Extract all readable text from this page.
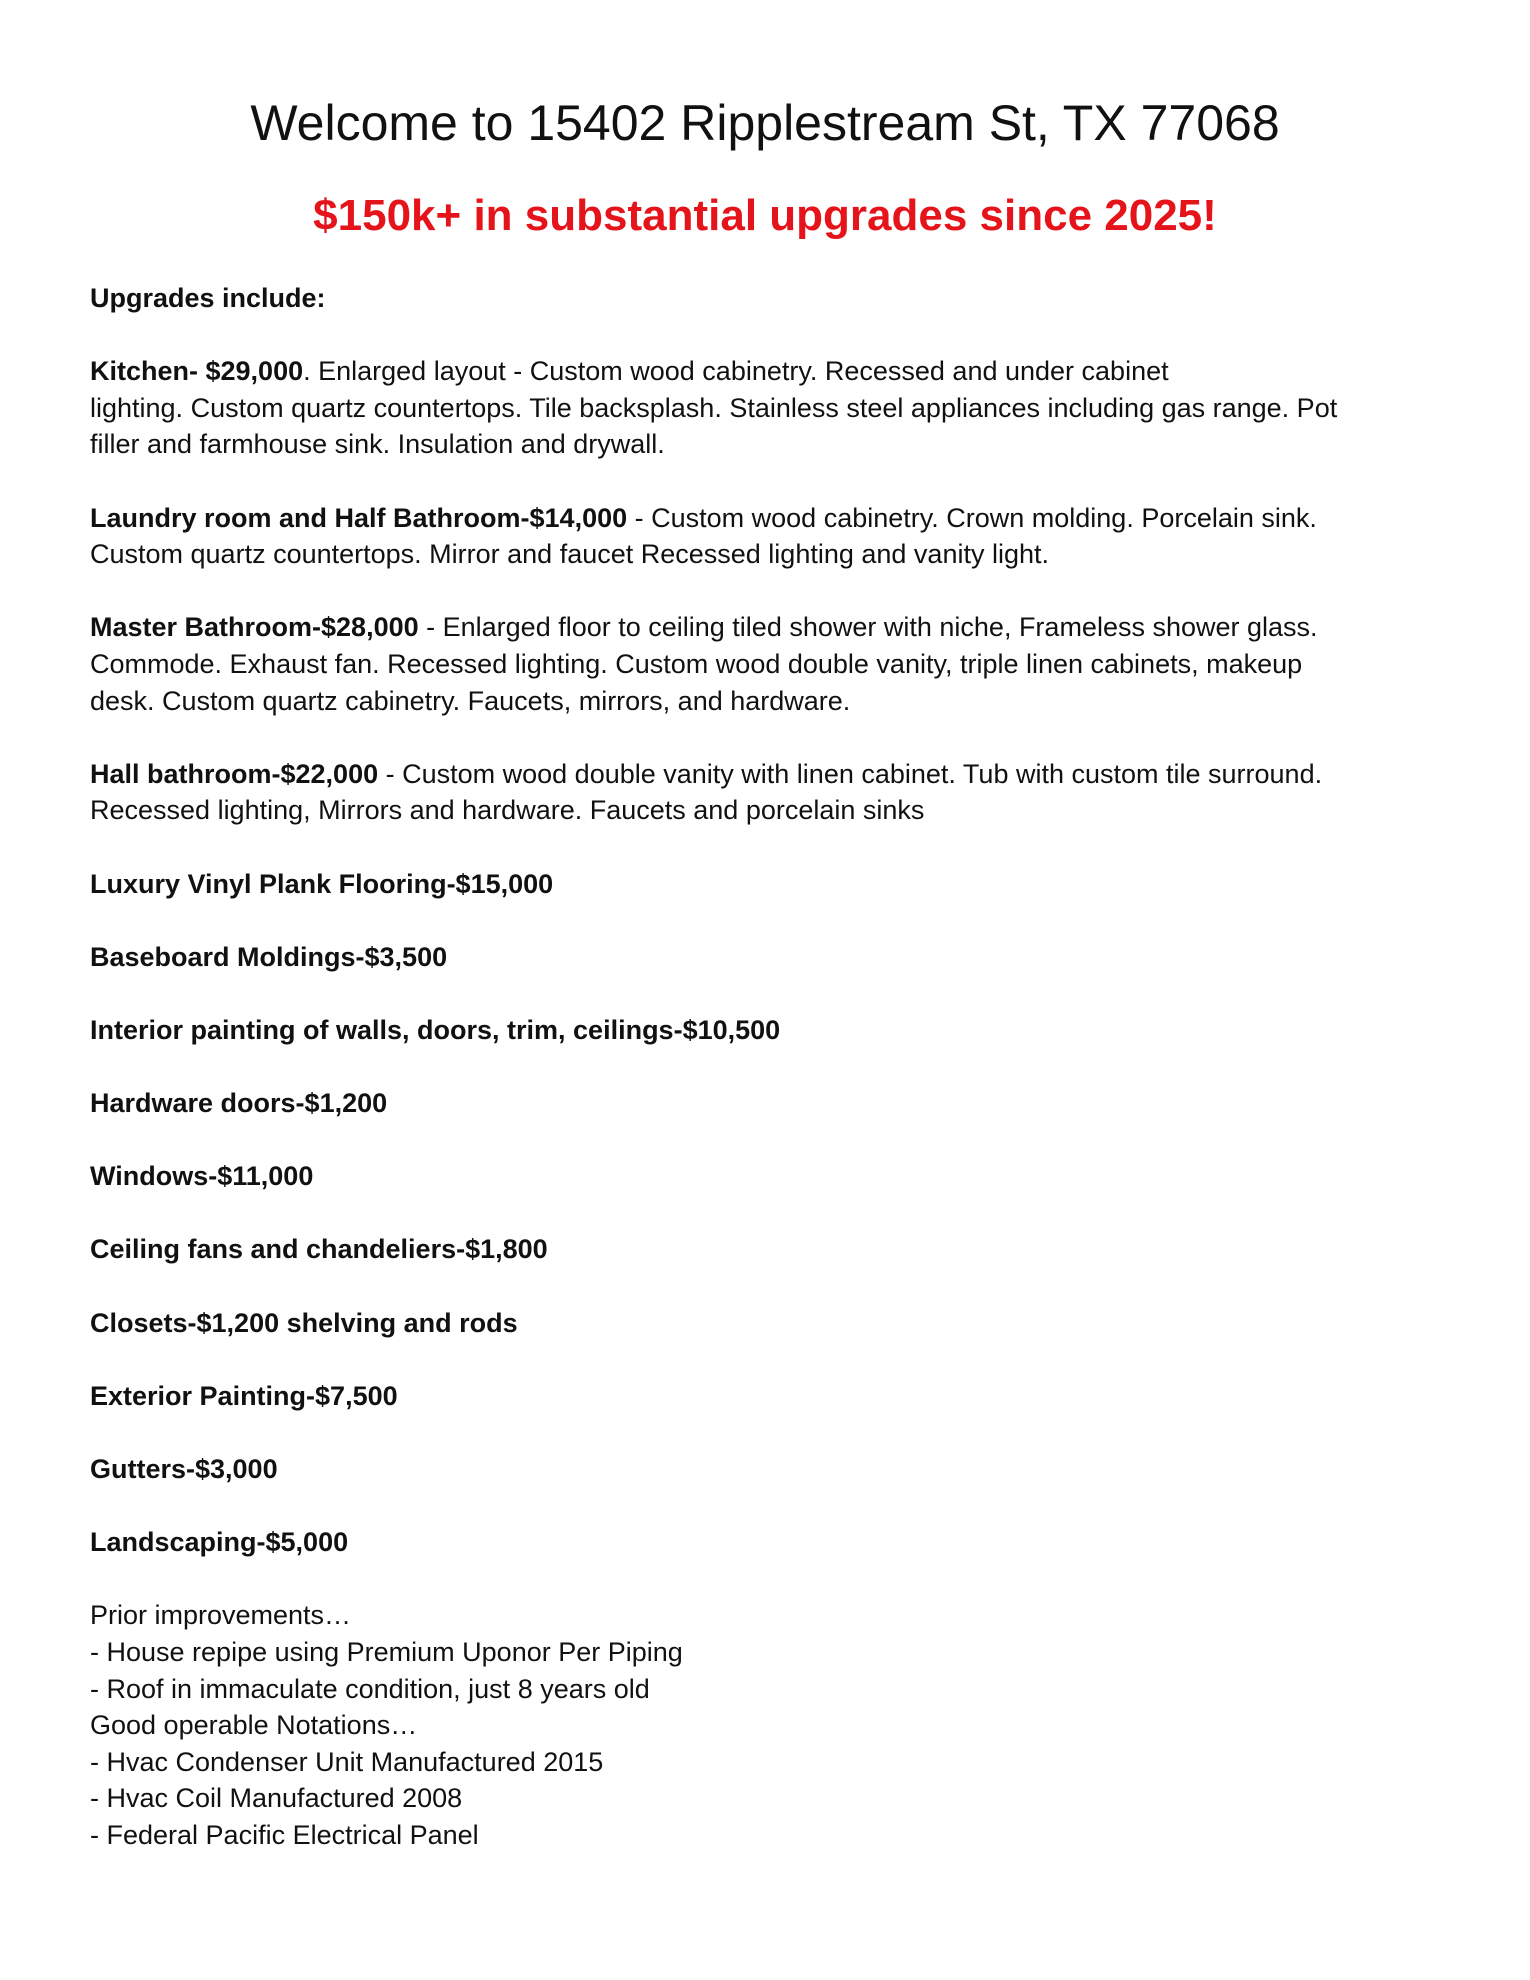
Welcome to 15402 Ripplestream St, TX 77068
$150k+ in substantial upgrades since 2025!

Upgrades include:

Kitchen- $29,000. Enlarged layout - Custom wood cabinetry. Recessed and under cabinet

lighting. Custom quartz countertops. Tile backsplash. Stainless steel appliances including gas range. Pot

filler and farmhouse sink. Insulation and drywall.

Laundry room and Half Bathroom-$14,000 - Custom wood cabinetry. Crown molding. Porcelain sink.

Custom quartz countertops. Mirror and faucet Recessed lighting and vanity light.

Master Bathroom-$28,000 - Enlarged floor to ceiling tiled shower with niche, Frameless shower glass.

Commode. Exhaust fan. Recessed lighting. Custom wood double vanity, triple linen cabinets, makeup

desk. Custom quartz cabinetry. Faucets, mirrors, and hardware.

Hall bathroom-$22,000 - Custom wood double vanity with linen cabinet. Tub with custom tile surround.

Recessed lighting, Mirrors and hardware. Faucets and porcelain sinks

Luxury Vinyl Plank Flooring-$15,000

Baseboard Moldings-$3,500

Interior painting of walls, doors, trim, ceilings-$10,500

Hardware doors-$1,200

Windows-$11,000

Ceiling fans and chandeliers-$1,800

Closets-$1,200 shelving and rods

Exterior Painting-$7,500

Gutters-$3,000

Landscaping-$5,000

Prior improvements…

- House repipe using Premium Uponor Per Piping

- Roof in immaculate condition, just 8 years old

Good operable Notations…

- Hvac Condenser Unit Manufactured 2015

- Hvac Coil Manufactured 2008

- Federal Pacific Electrical Panel
